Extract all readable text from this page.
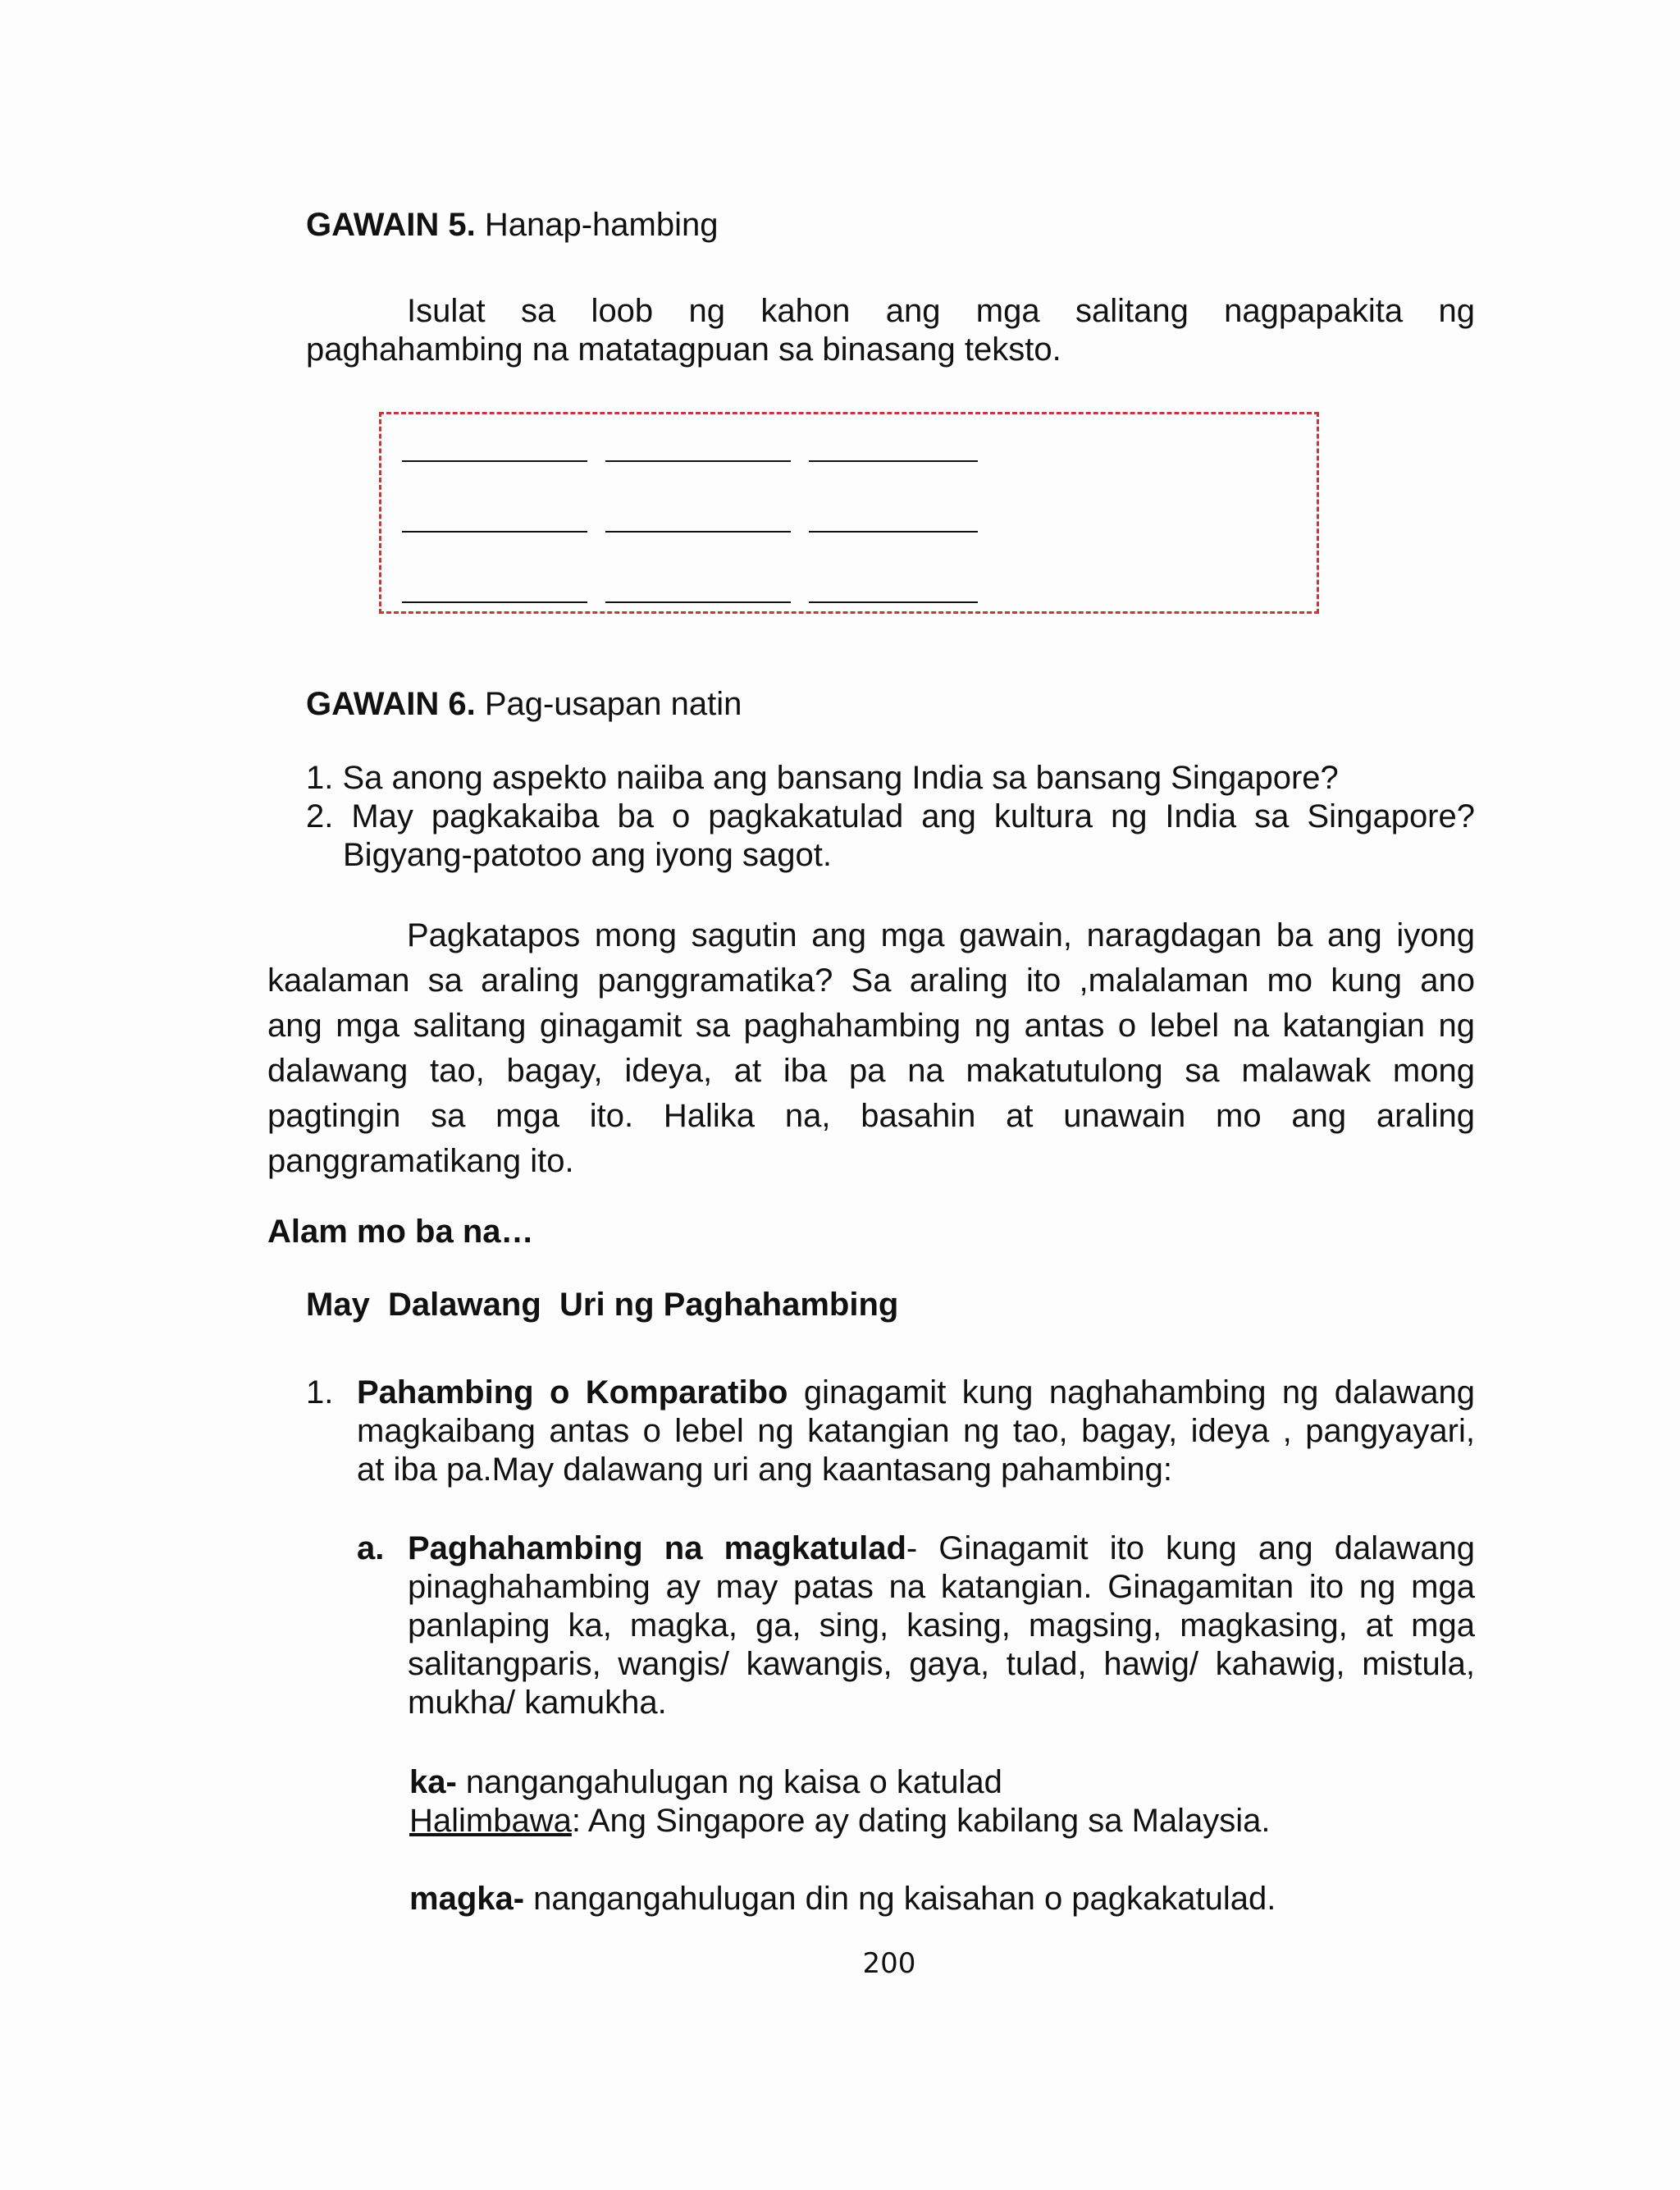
GAWAIN 5. Hanap-hambing
Isulat sa loob ng kahon ang mga salitang nagpapakita ng
paghahambing na matatagpuan sa binasang teksto.
GAWAIN 6. Pag-usapan natin
1. Sa anong aspekto naiiba ang bansang India sa bansang Singapore?
2. May pagkakaiba ba o pagkakatulad ang kultura ng India sa Singapore?
Bigyang-patotoo ang iyong sagot.
Pagkatapos mong sagutin ang mga gawain, naragdagan ba ang iyong
kaalaman sa araling panggramatika? Sa araling ito ,malalaman mo kung ano
ang mga salitang ginagamit sa paghahambing ng antas o lebel na katangian ng
dalawang tao, bagay, ideya, at iba pa na makatutulong sa malawak mong
pagtingin sa mga ito. Halika na, basahin at unawain mo ang araling
panggramatikang ito.
Alam mo ba na…
May  Dalawang  Uri ng Paghahambing
1. Pahambing o Komparatibo ginagamit kung naghahambing ng dalawang
magkaibang antas o lebel ng katangian ng tao, bagay, ideya , pangyayari,
at iba pa.May dalawang uri ang kaantasang pahambing:
a. Paghahambing na magkatulad- Ginagamit ito kung ang dalawang
pinaghahambing ay may patas na katangian. Ginagamitan ito ng mga
panlaping ka, magka, ga, sing, kasing, magsing, magkasing, at mga
salitangparis, wangis/ kawangis, gaya, tulad, hawig/ kahawig, mistula,
mukha/ kamukha.
ka- nangangahulugan ng kaisa o katulad
Halimbawa: Ang Singapore ay dating kabilang sa Malaysia.
magka- nangangahulugan din ng kaisahan o pagkakatulad.
200
